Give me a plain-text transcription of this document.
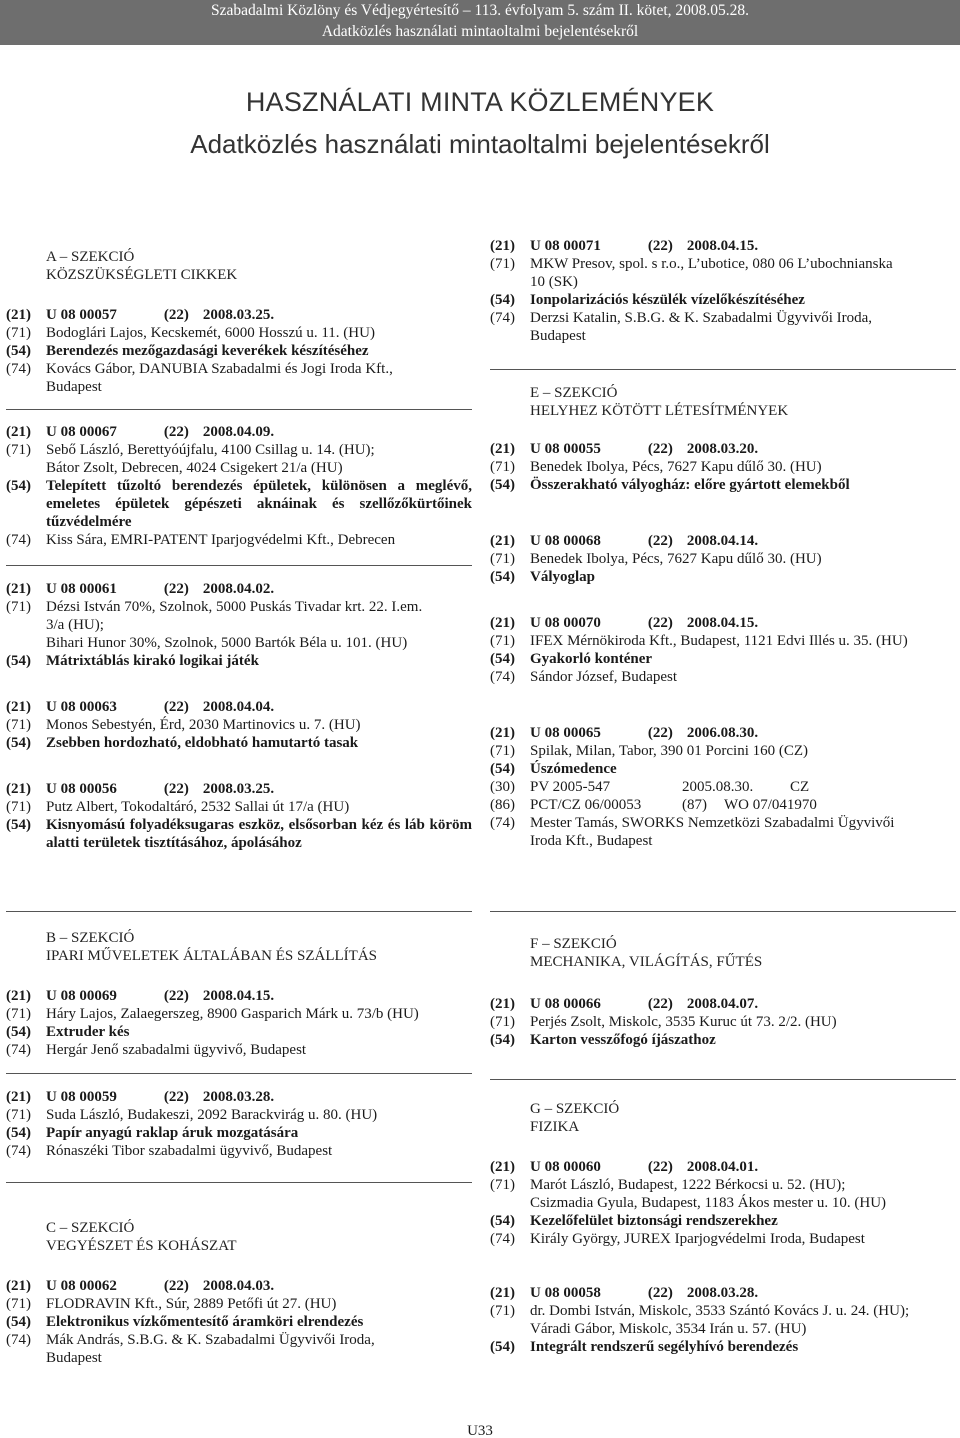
Szabadalmi Közlöny és Védjegyértesítő – 113. évfolyam 5. szám II. kötet, 2008.05.28.
Adatközlés használati mintaoltalmi bejelentésekről
HASZNÁLATI MINTA KÖZLEMÉNYEK
Adatközlés használati mintaoltalmi bejelentésekről
A – SZEKCIÓ
KÖZSZÜKSÉGLETI CIKKEK
(21)	U 08 00057	(22) 2008.03.25.
(71)	Bodoglári Lajos, Kecskemét, 6000 Hosszú u. 11. (HU)
(54)	Berendezés mezőgazdasági keverékek készítéséhez
(74)	Kovács Gábor, DANUBIA Szabadalmi és Jogi Iroda Kft.,
Budapest
(21)	U 08 00067	(22) 2008.04.09.
(71)	Sebő László, Berettyóújfalu, 4100 Csillag u. 14. (HU);
Bátor Zsolt, Debrecen, 4024 Csigekert 21/a (HU)
(54)	Telepített tűzoltó berendezés épületek, különösen a meglévő, emeletes épületek gépészeti aknáinak és szellőzőkürtőinek tűzvédelmére
(74)	Kiss Sára, EMRI-PATENT Iparjogvédelmi Kft., Debrecen
(21)	U 08 00061	(22) 2008.04.02.
(71)	Dézsi István 70%, Szolnok, 5000 Puskás Tivadar krt. 22. I.em.
3/a (HU);
Bihari Hunor 30%, Szolnok, 5000 Bartók Béla u. 101. (HU)
(54)	Mátrixtáblás kirakó logikai játék
(21)	U 08 00063	(22) 2008.04.04.
(71)	Monos Sebestyén, Érd, 2030 Martinovics u. 7. (HU)
(54)	Zsebben hordozható, eldobható hamutartó tasak
(21)	U 08 00056	(22) 2008.03.25.
(71)	Putz Albert, Tokodaltáró, 2532 Sallai út 17/a (HU)
(54)	Kisnyomású folyadéksugaras eszköz, elsősorban kéz és láb köröm alatti területek tisztításához, ápolásához
(21)	U 08 00071	(22) 2008.04.15.
(71)	MKW Presov, spol. s r.o., L’ubotice, 080 06 L’ubochnianska
10 (SK)
(54)	Ionpolarizációs készülék vízelőkészítéséhez
(74)	Derzsi Katalin, S.B.G. & K. Szabadalmi Ügyvivői Iroda,
Budapest
E – SZEKCIÓ
HELYHEZ KÖTÖTT LÉTESÍTMÉNYEK
(21)	U 08 00055	(22) 2008.03.20.
(71)	Benedek Ibolya, Pécs, 7627 Kapu dűlő 30. (HU)
(54)	Összerakható vályogház: előre gyártott elemekből
(21)	U 08 00068	(22) 2008.04.14.
(71)	Benedek Ibolya, Pécs, 7627 Kapu dűlő 30. (HU)
(54)	Vályoglap
(21)	U 08 00070	(22) 2008.04.15.
(71)	IFEX Mérnökiroda Kft., Budapest, 1121 Edvi Illés u. 35. (HU)
(54)	Gyakorló konténer
(74)	Sándor József, Budapest
(21)	U 08 00065	(22) 2006.08.30.
(71)	Spilak, Milan, Tabor, 390 01 Porcini 160 (CZ)
(54)	Úszómedence
(30)	PV 2005-547	2005.08.30. CZ
(86)	PCT/CZ 06/00053	(87) WO 07/041970
(74)	Mester Tamás, SWORKS Nemzetközi Szabadalmi Ügyvivői
Iroda Kft., Budapest
B – SZEKCIÓ
IPARI MŰVELETEK ÁLTALÁBAN ÉS SZÁLLÍTÁS
(21)	U 08 00069	(22) 2008.04.15.
(71)	Háry Lajos, Zalaegerszeg, 8900 Gasparich Márk u. 73/b (HU)
(54)	Extruder kés
(74)	Hergár Jenő szabadalmi ügyvivő, Budapest
(21)	U 08 00059	(22) 2008.03.28.
(71)	Suda László, Budakeszi, 2092 Barackvirág u. 80. (HU)
(54)	Papír anyagú raklap áruk mozgatására
(74)	Rónaszéki Tibor szabadalmi ügyvivő, Budapest
C – SZEKCIÓ
VEGYÉSZET ÉS KOHÁSZAT
(21)	U 08 00062	(22) 2008.04.03.
(71)	FLODRAVIN Kft., Súr, 2889 Petőfi út 27. (HU)
(54)	Elektronikus vízkőmentesítő áramköri elrendezés
(74)	Mák András, S.B.G. & K. Szabadalmi Ügyvivői Iroda,
Budapest
F – SZEKCIÓ
MECHANIKA, VILÁGÍTÁS, FŰTÉS
(21)	U 08 00066	(22) 2008.04.07.
(71)	Perjés Zsolt, Miskolc, 3535 Kuruc út 73. 2/2. (HU)
(54)	Karton vesszőfogó íjászathoz
G – SZEKCIÓ
FIZIKA
(21)	U 08 00060	(22) 2008.04.01.
(71)	Marót László, Budapest, 1222 Bérkocsi u. 52. (HU);
Csizmadia Gyula, Budapest, 1183 Ákos mester u. 10. (HU)
(54)	Kezelőfelület biztonsági rendszerekhez
(74)	Király György, JUREX Iparjogvédelmi Iroda, Budapest
(21)	U 08 00058	(22) 2008.03.28.
(71)	dr. Dombi István, Miskolc, 3533 Szántó Kovács J. u. 24. (HU);
Váradi Gábor, Miskolc, 3534 Irán u. 57. (HU)
(54)	Integrált rendszerű segélyhívó berendezés
U33
